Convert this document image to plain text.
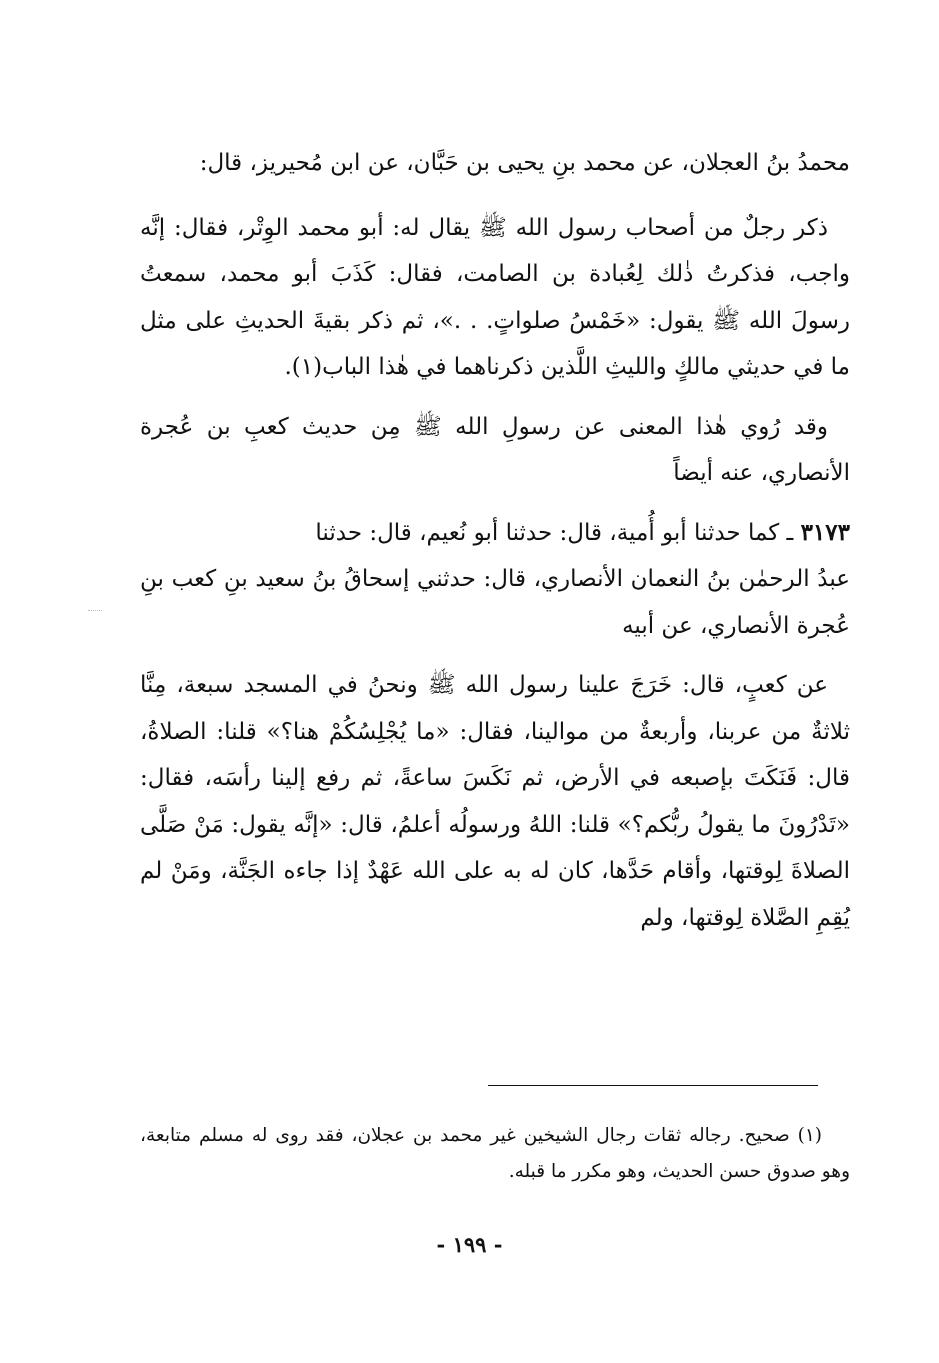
محمدُ بنُ العجلان، عن محمد بنِ يحيى بن حَبَّان، عن ابن مُحيريز، قال:

ذكر رجلٌ من أصحاب رسول الله ﷺ يقال له: أبو محمد الوِتْر، فقال: إنَّه واجب، فذكرتُ ذٰلك لِعُبادة بن الصامت، فقال: كَذَبَ أبو محمد، سمعتُ رسولَ الله ﷺ يقول: «خَمْسُ صلواتٍ. . .»، ثم ذكر بقيةَ الحديثِ على مثل ما في حديثي مالكٍ والليثِ اللَّذين ذكرناهما في هٰذا الباب(١).

وقد رُوي هٰذا المعنى عن رسولِ الله ﷺ مِن حديث كعبِ بن عُجرة الأنصاري، عنه أيضاً

٣١٧٣ ـ كما حدثنا أبو أُمية، قال: حدثنا أبو نُعيم، قال: حدثنا

عبدُ الرحمٰن بنُ النعمان الأنصاري، قال: حدثني إسحاقُ بنُ سعيد بنِ كعب بنِ عُجرة الأنصاري، عن أبيه

عن كعبٍ، قال: خَرَجَ علينا رسول الله ﷺ ونحنُ في المسجد سبعة، مِنَّا ثلاثةٌ من عربنا، وأربعةٌ من موالينا، فقال: «ما يُجْلِسُكُمْ هنا؟» قلنا: الصلاةُ، قال: فَنَكَتَ بإصبعه في الأرض، ثم نَكَسَ ساعةً، ثم رفع إلينا رأسَه، فقال: «تَدْرُونَ ما يقولُ ربُّكم؟» قلنا: اللهُ ورسولُه أعلمُ، قال: «إنَّه يقول: مَنْ صَلَّى الصلاةَ لِوقتها، وأقام حَدَّها، كان له به على الله عَهْدٌ إذا جاءه الجَنَّة، ومَنْ لم يُقِمِ الصَّلاة لِوقتها، ولم

(١) صحيح. رجاله ثقات رجال الشيخين غير محمد بن عجلان، فقد روى له مسلم متابعة، وهو صدوق حسن الحديث، وهو مكرر ما قبله.

- ١٩٩ -
